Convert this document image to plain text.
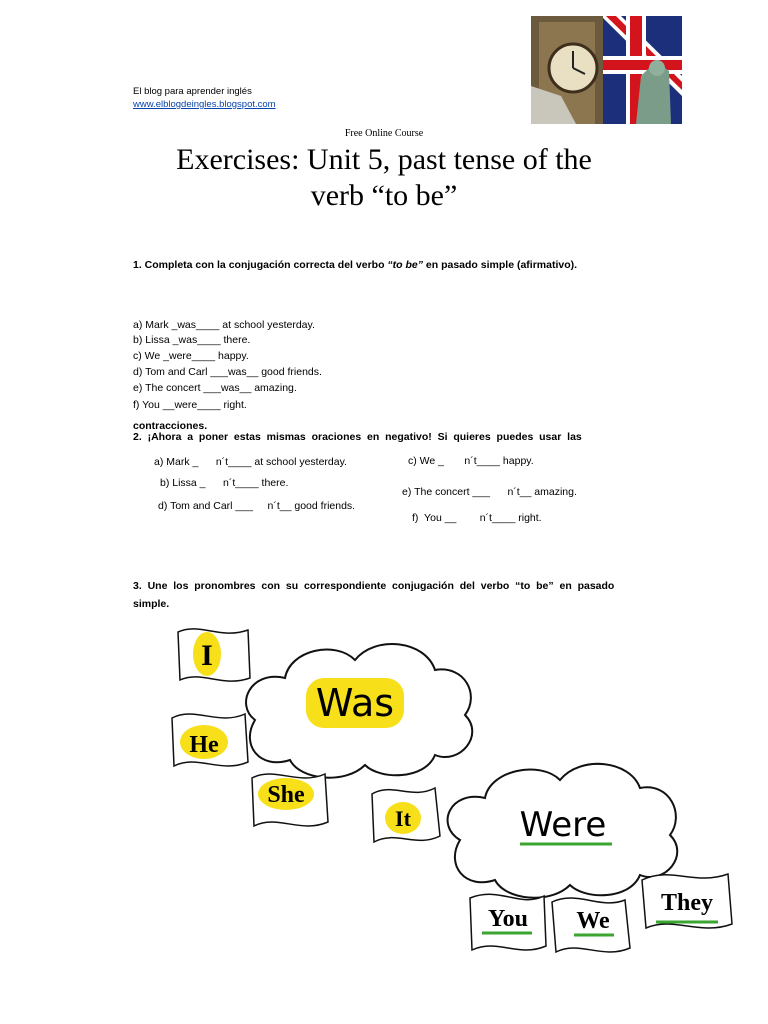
El blog para aprender inglés
www.elblogdeingles.blogspot.com
Free Online Course
Exercises: Unit 5, past tense of the
verb “to be”
1. Completa con la conjugación correcta del verbo “to be” en pasado simple (afirmativo).
a) Mark _was____ at school yesterday.
b) Lissa _was____ there.
c) We _were____ happy.
d) Tom and Carl ___was__ good friends.
e) The concert ___was__ amazing.
f) You __were____ right.
contracciones.
2.  ¡Ahora  a  poner  estas  mismas  oraciones  en  negativo!  Si  quieres  puedes  usar  las
a) Mark _      n´t____ at school yesterday.
b) Lissa _      n´t____ there.
d) Tom and Carl ___     n´t__ good friends.
c) We _       n´t____ happy.
e) The concert ___      n´t__ amazing.
f)  You __        n´t____ right.
3.  Une  los  pronombres  con  su  correspondiente  conjugación  del  verbo  “to  be”  en  pasado
simple.
Was
Were
I
He
She
It
You We
They
